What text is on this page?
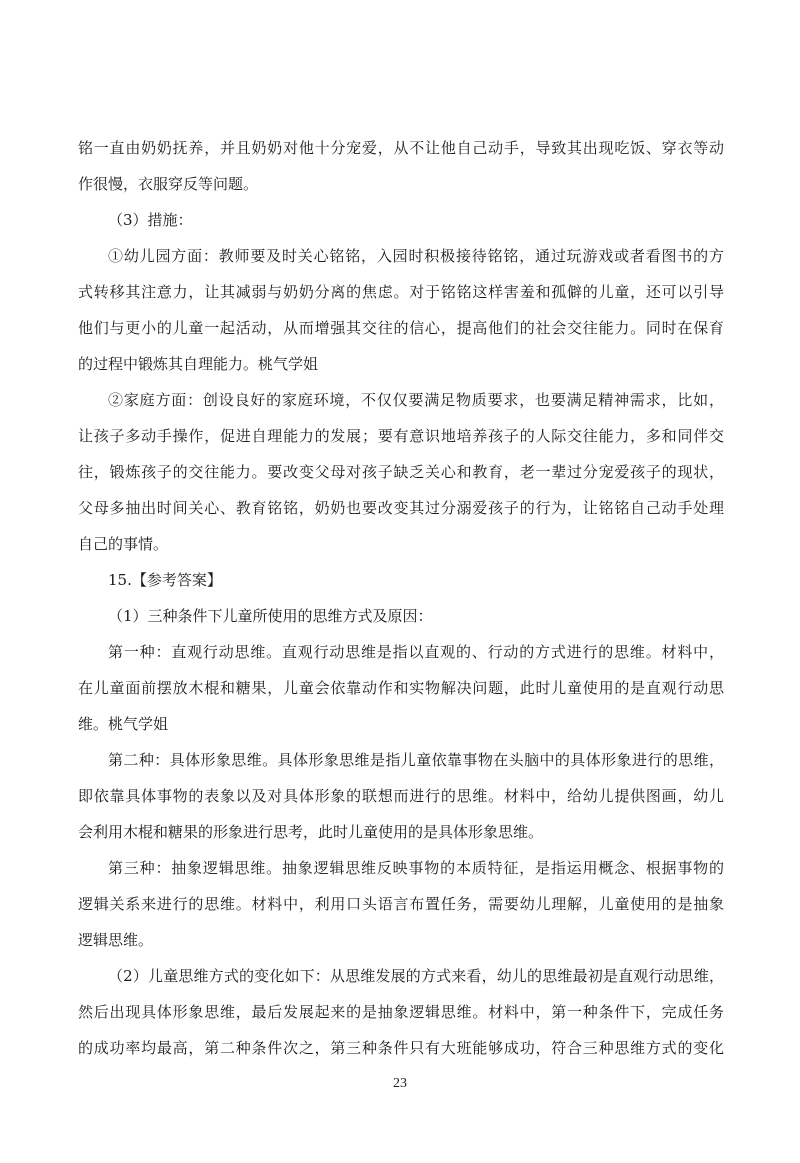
铭一直由奶奶抚养，并且奶奶对他十分宠爱，从不让他自己动手，导致其出现吃饭、穿衣等动
作很慢，衣服穿反等问题。
（3）措施：
①幼儿园方面：教师要及时关心铭铭，入园时积极接待铭铭，通过玩游戏或者看图书的方
式转移其注意力，让其减弱与奶奶分离的焦虑。对于铭铭这样害羞和孤僻的儿童，还可以引导
他们与更小的儿童一起活动，从而增强其交往的信心，提高他们的社会交往能力。同时在保育
的过程中锻炼其自理能力。桃气学姐
②家庭方面：创设良好的家庭环境，不仅仅要满足物质要求，也要满足精神需求，比如，
让孩子多动手操作，促进自理能力的发展；要有意识地培养孩子的人际交往能力，多和同伴交
往，锻炼孩子的交往能力。要改变父母对孩子缺乏关心和教育，老一辈过分宠爱孩子的现状，
父母多抽出时间关心、教育铭铭，奶奶也要改变其过分溺爱孩子的行为，让铭铭自己动手处理
自己的事情。
15.【参考答案】
（1）三种条件下儿童所使用的思维方式及原因：
第一种：直观行动思维。直观行动思维是指以直观的、行动的方式进行的思维。材料中，
在儿童面前摆放木棍和糖果，儿童会依靠动作和实物解决问题，此时儿童使用的是直观行动思
维。桃气学姐
第二种：具体形象思维。具体形象思维是指儿童依靠事物在头脑中的具体形象进行的思维，
即依靠具体事物的表象以及对具体形象的联想而进行的思维。材料中，给幼儿提供图画，幼儿
会利用木棍和糖果的形象进行思考，此时儿童使用的是具体形象思维。
第三种：抽象逻辑思维。抽象逻辑思维反映事物的本质特征，是指运用概念、根据事物的
逻辑关系来进行的思维。材料中，利用口头语言布置任务，需要幼儿理解，儿童使用的是抽象
逻辑思维。
（2）儿童思维方式的变化如下：从思维发展的方式来看，幼儿的思维最初是直观行动思维，
然后出现具体形象思维，最后发展起来的是抽象逻辑思维。材料中，第一种条件下，完成任务
的成功率均最高，第二种条件次之，第三种条件只有大班能够成功，符合三种思维方式的变化
23
